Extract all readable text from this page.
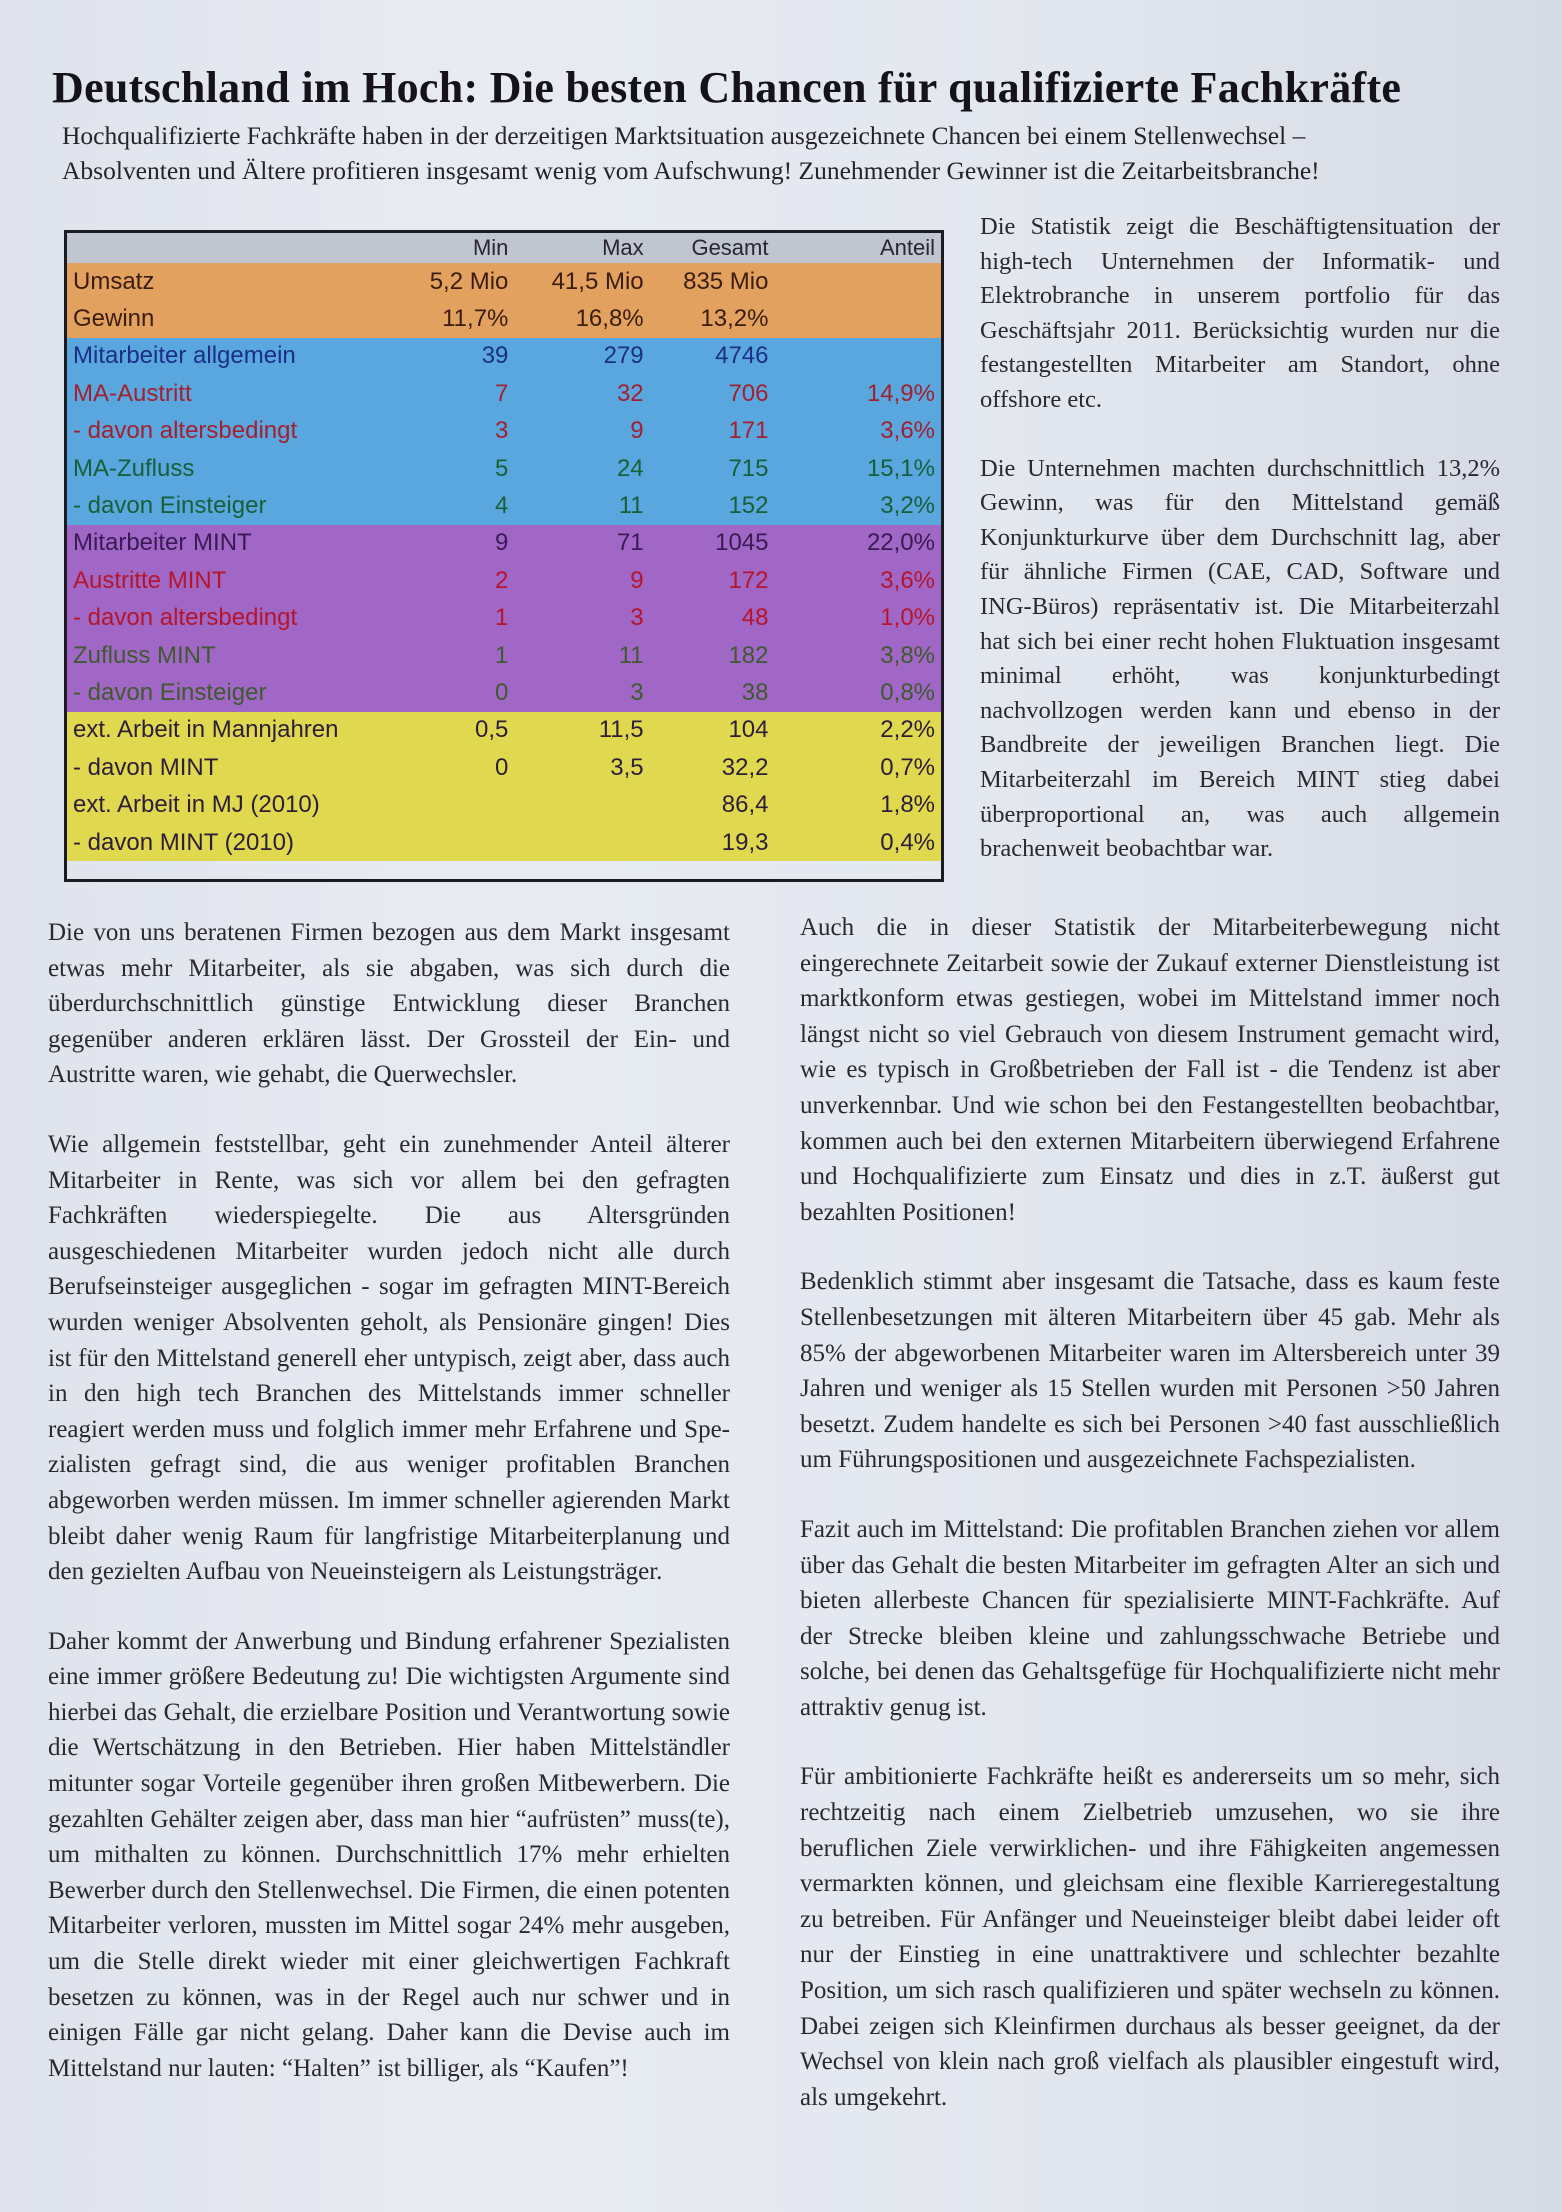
Deutschland im Hoch: Die besten Chancen für qualifizierte Fachkräfte

Hochqualifizierte Fachkräfte haben in der derzeitigen Marktsituation ausgezeichnete Chancen bei einem Stellenwechsel –

Absolventen und Ältere profitieren insgesamt wenig vom Aufschwung! Zunehmender Gewinner ist die Zeitarbeitsbranche!

	Min	Max	Gesamt	Anteil
Umsatz	5,2 Mio	41,5 Mio	835 Mio	
Gewinn	11,7%	16,8%	13,2%	
Mitarbeiter allgemein	39	279	4746	
MA-Austritt	7	32	706	14,9%
- davon altersbedingt	3	9	171	3,6%
MA-Zufluss	5	24	715	15,1%
- davon Einsteiger	4	11	152	3,2%
Mitarbeiter MINT	9	71	1045	22,0%
Austritte MINT	2	9	172	3,6%
- davon altersbedingt	1	3	48	1,0%
Zufluss MINT	1	11	182	3,8%
- davon Einsteiger	0	3	38	0,8%
ext. Arbeit in Mannjahren	0,5	11,5	104	2,2%
- davon MINT	0	3,5	32,2	0,7%
ext. Arbeit in MJ (2010)			86,4	1,8%
- davon MINT (2010)			19,3	0,4%

Die Statistik zeigt die Beschäftigtensituation der high-tech Unternehmen der Informatik- und Elektrobranche in unserem portfolio für das Geschäftsjahr 2011. Berücksichtig wurden nur die festangestellten Mitarbeiter am Standort, ohne offshore etc.

Die Unternehmen machten durchschnittlich 13,2% Gewinn, was für den Mittelstand gemäß Konjunkturkurve über dem Durchschnitt lag, aber für ähnliche Firmen (CAE, CAD, Software und ING-Büros) repräsentativ ist. Die Mitarbeiterzahl hat sich bei einer recht hohen Fluktuation insgesamt minimal erhöht, was konjunkturbedingt nachvollzogen werden kann und ebenso in der Bandbreite der jeweiligen Branchen liegt. Die Mitarbeiterzahl im Bereich MINT stieg dabei überproportional an, was auch allgemein brachenweit beobachtbar war.

Die von uns beratenen Firmen bezogen aus dem Markt insgesamt etwas mehr Mitarbeiter, als sie abgaben, was sich durch die überdurchschnittlich günstige Entwicklung dieser Branchen gegenüber anderen erklären lässt. Der Grossteil der Ein- und Austritte waren, wie gehabt, die Querwechsler.

Wie allgemein feststellbar, geht ein zunehmender Anteil älterer Mitarbeiter in Rente, was sich vor allem bei den gefragten Fachkräften wiederspiegelte. Die aus Altersgründen ausgeschiedenen Mitarbeiter wurden jedoch nicht alle durch Berufseinsteiger ausgeglichen - sogar im gefragten MINT-Bereich wurden weniger Absolventen geholt, als Pensionäre gingen! Dies ist für den Mittelstand generell eher untypisch, zeigt aber, dass auch in den high tech Branchen des Mittelstands immer schneller reagiert werden muss und folglich immer mehr Erfahrene und Spezialisten gefragt sind, die aus weniger profitablen Branchen abgeworben werden müssen. Im immer schneller agierenden Markt bleibt daher wenig Raum für langfristige Mitarbeiterplanung und den gezielten Aufbau von Neueinsteigern als Leistungsträger.

Daher kommt der Anwerbung und Bindung erfahrener Spezialisten eine immer größere Bedeutung zu! Die wichtigsten Argumente sind hierbei das Gehalt, die erzielbare Position und Verantwortung sowie die Wertschätzung in den Betrieben. Hier haben Mittelständler mitunter sogar Vorteile gegenüber ihren großen Mitbewerbern. Die gezahlten Gehälter zeigen aber, dass man hier “aufrüsten” muss(te), um mithalten zu können. Durchschnittlich 17% mehr erhielten Bewerber durch den Stellenwechsel. Die Firmen, die einen potenten Mitarbeiter verloren, mussten im Mittel sogar 24% mehr ausgeben, um die Stelle direkt wieder mit einer gleichwertigen Fachkraft besetzen zu können, was in der Regel auch nur schwer und in einigen Fälle gar nicht gelang. Daher kann die Devise auch im Mittelstand nur lauten: “Halten” ist billiger, als “Kaufen”!

Auch die in dieser Statistik der Mitarbeiterbewegung nicht eingerechnete Zeitarbeit sowie der Zukauf externer Dienstleistung ist marktkonform etwas gestiegen, wobei im Mittelstand immer noch längst nicht so viel Gebrauch von diesem Instrument gemacht wird, wie es typisch in Großbetrieben der Fall ist - die Tendenz ist aber unverkennbar. Und wie schon bei den Festangestellten beobachtbar, kommen auch bei den externen Mitarbeitern überwiegend Erfahrene und Hochqualifizierte zum Einsatz und dies in z.T. äußerst gut bezahlten Positionen!

Bedenklich stimmt aber insgesamt die Tatsache, dass es kaum feste Stellenbesetzungen mit älteren Mitarbeitern über 45 gab. Mehr als 85% der abgeworbenen Mitarbeiter waren im Altersbereich unter 39 Jahren und weniger als 15 Stellen wurden mit Personen >50 Jahren besetzt. Zudem handelte es sich bei Personen >40 fast ausschließlich um Führungspositionen und ausgezeichnete Fachspezialisten.

Fazit auch im Mittelstand: Die profitablen Branchen ziehen vor allem über das Gehalt die besten Mitarbeiter im gefragten Alter an sich und bieten allerbeste Chancen für spezialisierte MINT-Fachkräfte. Auf der Strecke bleiben kleine und zahlungsschwache Betriebe und solche, bei denen das Gehaltsgefüge für Hochqualifizierte nicht mehr attraktiv genug ist.

Für ambitionierte Fachkräfte heißt es andererseits um so mehr, sich rechtzeitig nach einem Zielbetrieb umzusehen, wo sie ihre beruflichen Ziele verwirklichen- und ihre Fähigkeiten angemessen vermarkten können, und gleichsam eine flexible Karrieregestaltung zu betreiben. Für Anfänger und Neueinsteiger bleibt dabei leider oft nur der Einstieg in eine unattraktivere und schlechter bezahlte Position, um sich rasch qualifizieren und später wechseln zu können. Dabei zeigen sich Kleinfirmen durchaus als besser geeignet, da der Wechsel von klein nach groß vielfach als plausibler eingestuft wird, als umgekehrt.
